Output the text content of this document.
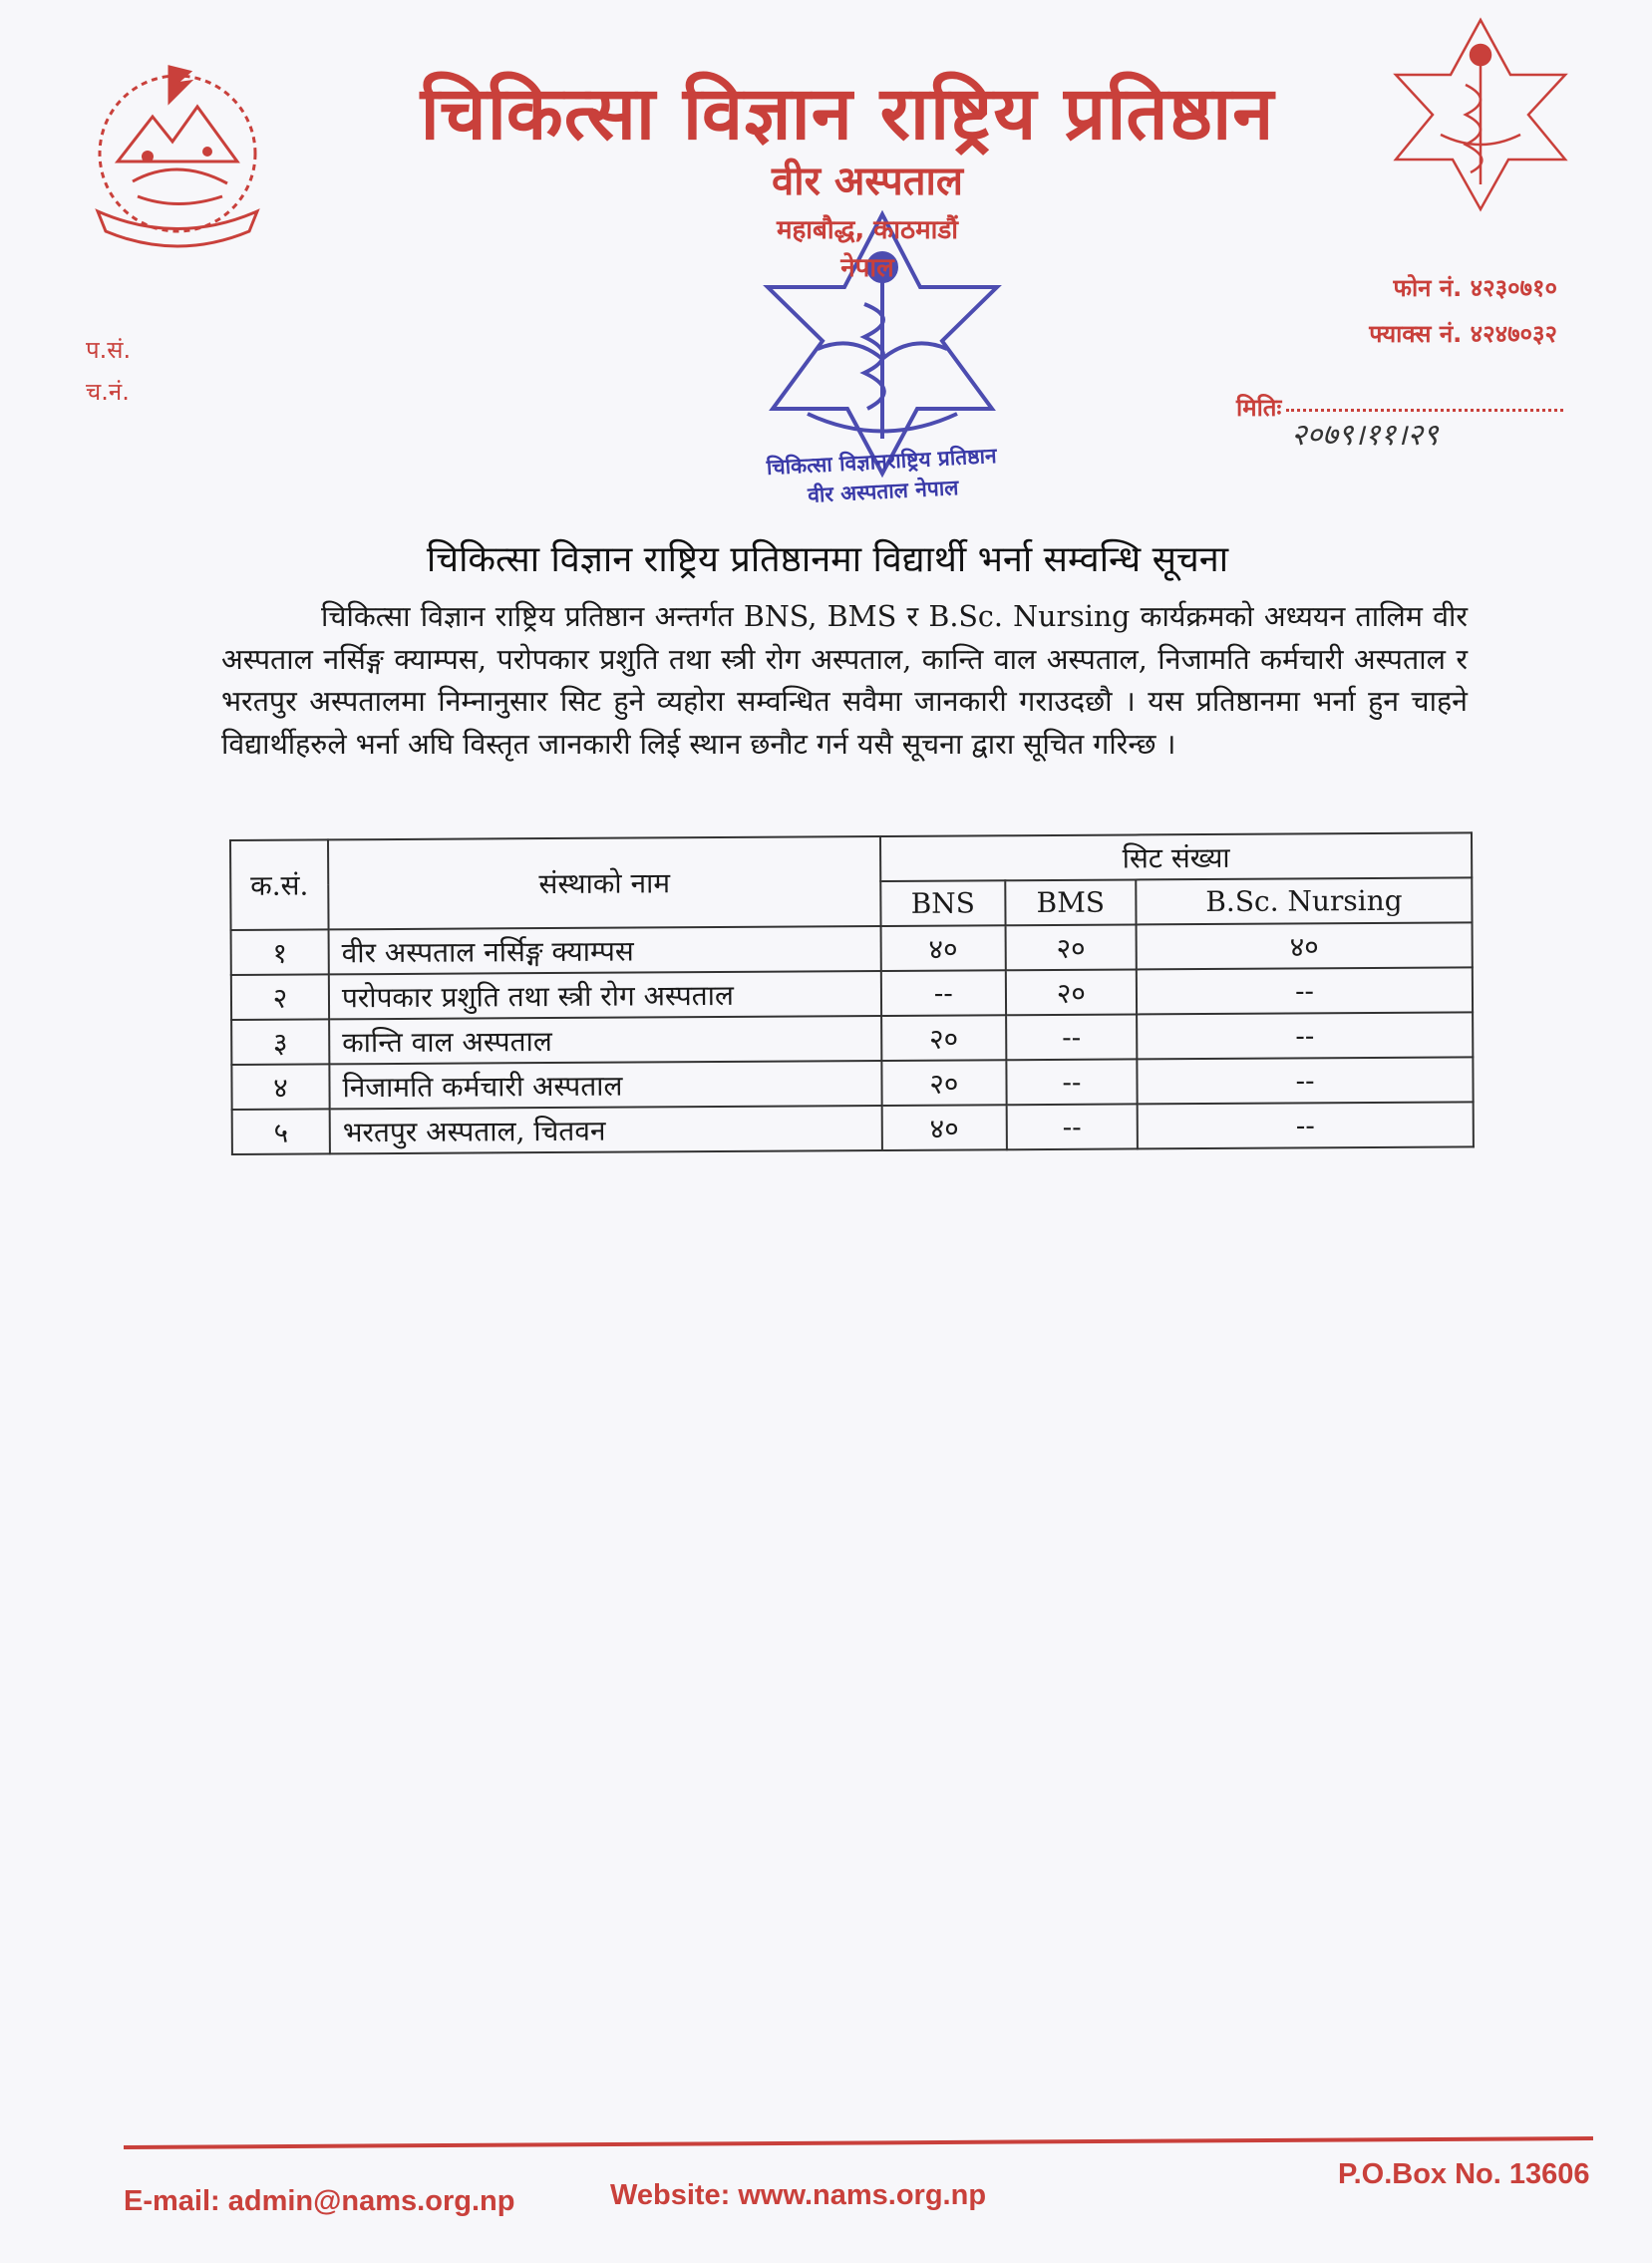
चिकित्सा विज्ञान राष्ट्रिय प्रतिष्ठान
वीर अस्पताल
महाबौद्ध, काठमाडौं
नेपाल
फोन नं. ४२३०७१०
फ्याक्स नं. ४२४७०३२
प.सं.
च.नं.
मितिः
२०७९।११।२९
चिकित्सा विज्ञानराष्ट्रिय प्रतिष्ठान
वीर अस्पताल नेपाल
चिकित्सा विज्ञान राष्ट्रिय प्रतिष्ठानमा विद्यार्थी भर्ना सम्वन्धि सूचना
चिकित्सा विज्ञान राष्ट्रिय प्रतिष्ठान अन्तर्गत BNS, BMS र B.Sc. Nursing कार्यक्रमको अध्ययन तालिम वीर अस्पताल नर्सिङ्ग क्याम्पस, परोपकार प्रशुति तथा स्त्री रोग अस्पताल, कान्ति वाल अस्पताल, निजामति कर्मचारी अस्पताल र भरतपुर अस्पतालमा निम्नानुसार सिट हुने व्यहोरा सम्वन्धित सवैमा जानकारी गराउदछौ । यस प्रतिष्ठानमा भर्ना हुन चाहने विद्यार्थीहरुले भर्ना अघि विस्तृत जानकारी लिई स्थान छनौट गर्न यसै सूचना द्वारा सूचित गरिन्छ ।
क.सं.	संस्थाको नाम	सिट संख्या		
		BNS	BMS	B.Sc. Nursing
१	वीर अस्पताल नर्सिङ्ग क्याम्पस	४०	२०	४०
२	परोपकार प्रशुति तथा स्त्री रोग अस्पताल	--	२०	--
३	कान्ति वाल अस्पताल	२०	--	--
४	निजामति कर्मचारी अस्पताल	२०	--	--
५	भरतपुर अस्पताल, चितवन	४०	--	--
E-mail: admin@nams.org.np	Website: www.nams.org.np
P.O.Box No. 13606
